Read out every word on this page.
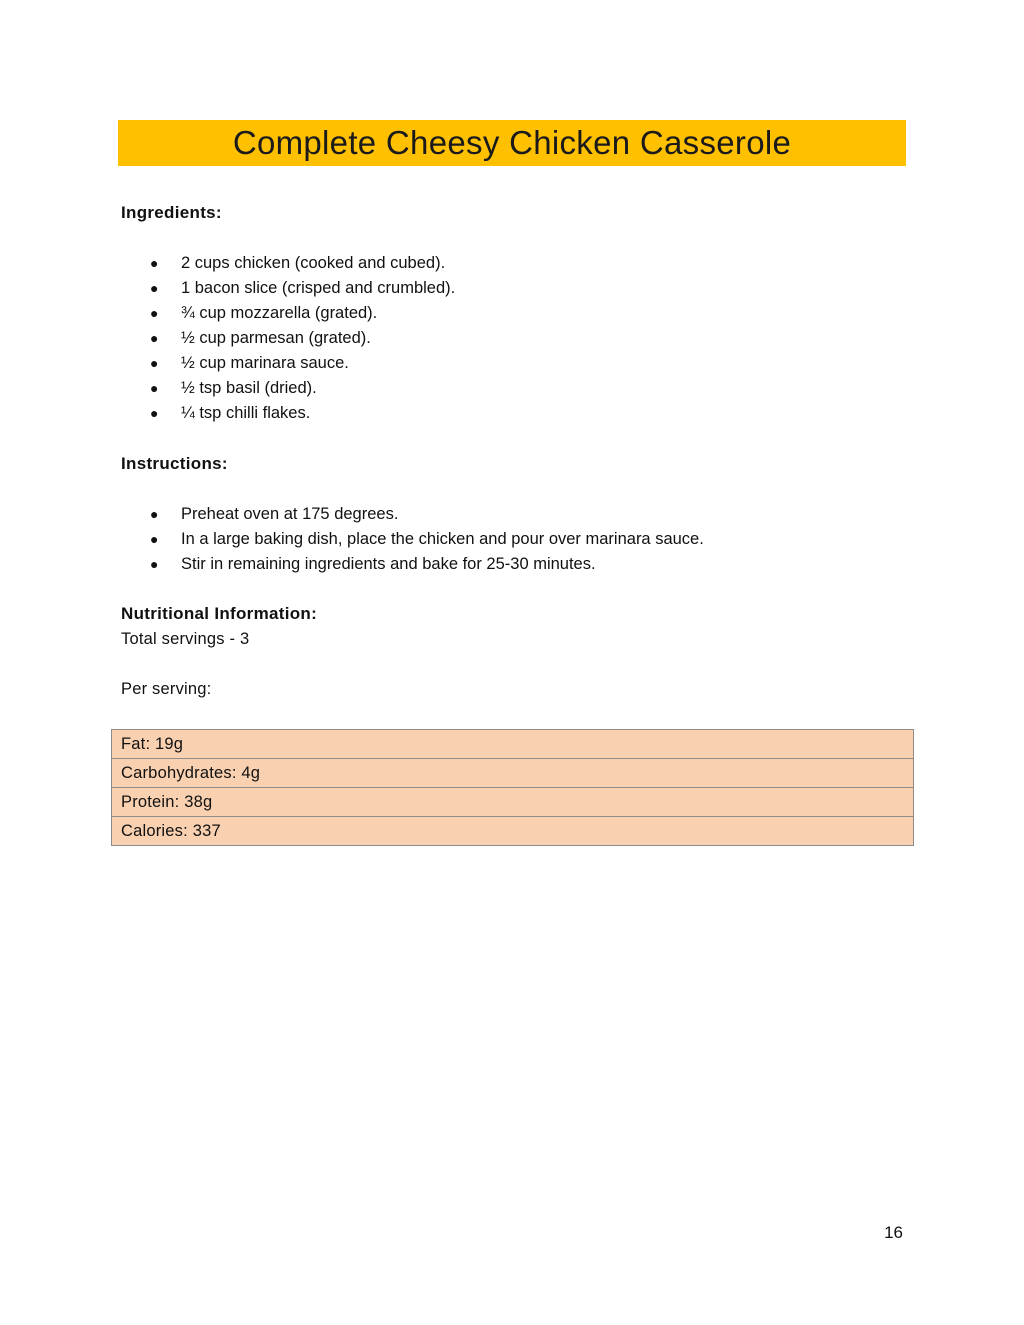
Complete Cheesy Chicken Casserole

Ingredients:

●	2 cups chicken (cooked and cubed).
●	1 bacon slice (crisped and crumbled).
●	¾ cup mozzarella (grated).
●	½ cup parmesan (grated).
●	½ cup marinara sauce.
●	½ tsp basil (dried).
●	¼ tsp chilli flakes.

Instructions:

●	Preheat oven at 175 degrees.
●	In a large baking dish, place the chicken and pour over marinara sauce.
●	Stir in remaining ingredients and bake for 25-30 minutes.

Nutritional Information:

Total servings - 3

Per serving:

Fat: 19g
Carbohydrates: 4g
Protein: 38g
Calories: 337
16
